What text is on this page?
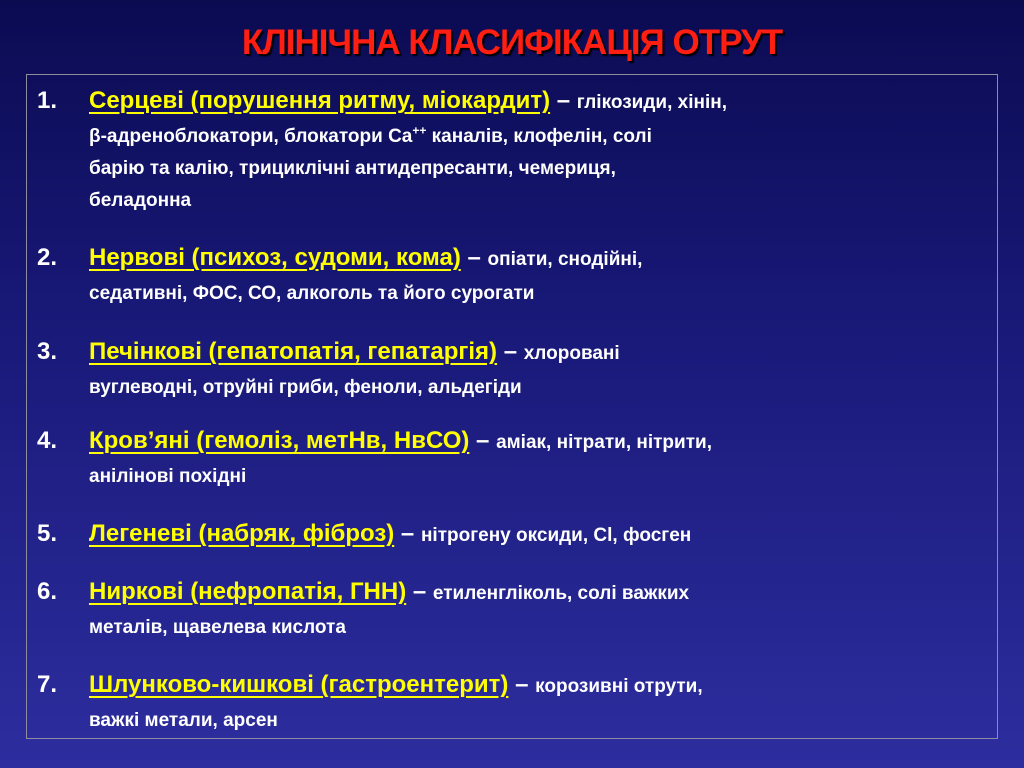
КЛІНІЧНА КЛАСИФІКАЦІЯ ОТРУТ
1. Серцеві (порушення ритму, міокардит) – глікозиди, хінін,
β-адреноблокатори, блокатори Ca++ каналів, клофелін, солі
барію та калію, трициклічні антидепресанти, чемериця,
беладонна
2. Нервові (психоз, судоми, кома) – опіати, снодійні,
седативні, ФОС, СО, алкоголь та його сурогати
3. Печінкові (гепатопатія, гепатаргія) – хлоровані
вуглеводні, отруйні гриби, феноли, альдегіди
4. Кров’яні (гемоліз, метНв, НвСО) – аміак, нітрати, нітрити,
анілінові похідні
5. Легеневі (набряк, фіброз) – нітрогену оксиди, Cl, фосген
6. Ниркові (нефропатія, ГНН) – етиленгліколь, солі важких
металів, щавелева кислота
7. Шлунково-кишкові (гастроентерит) – корозивні отрути,
важкі метали, арсен
